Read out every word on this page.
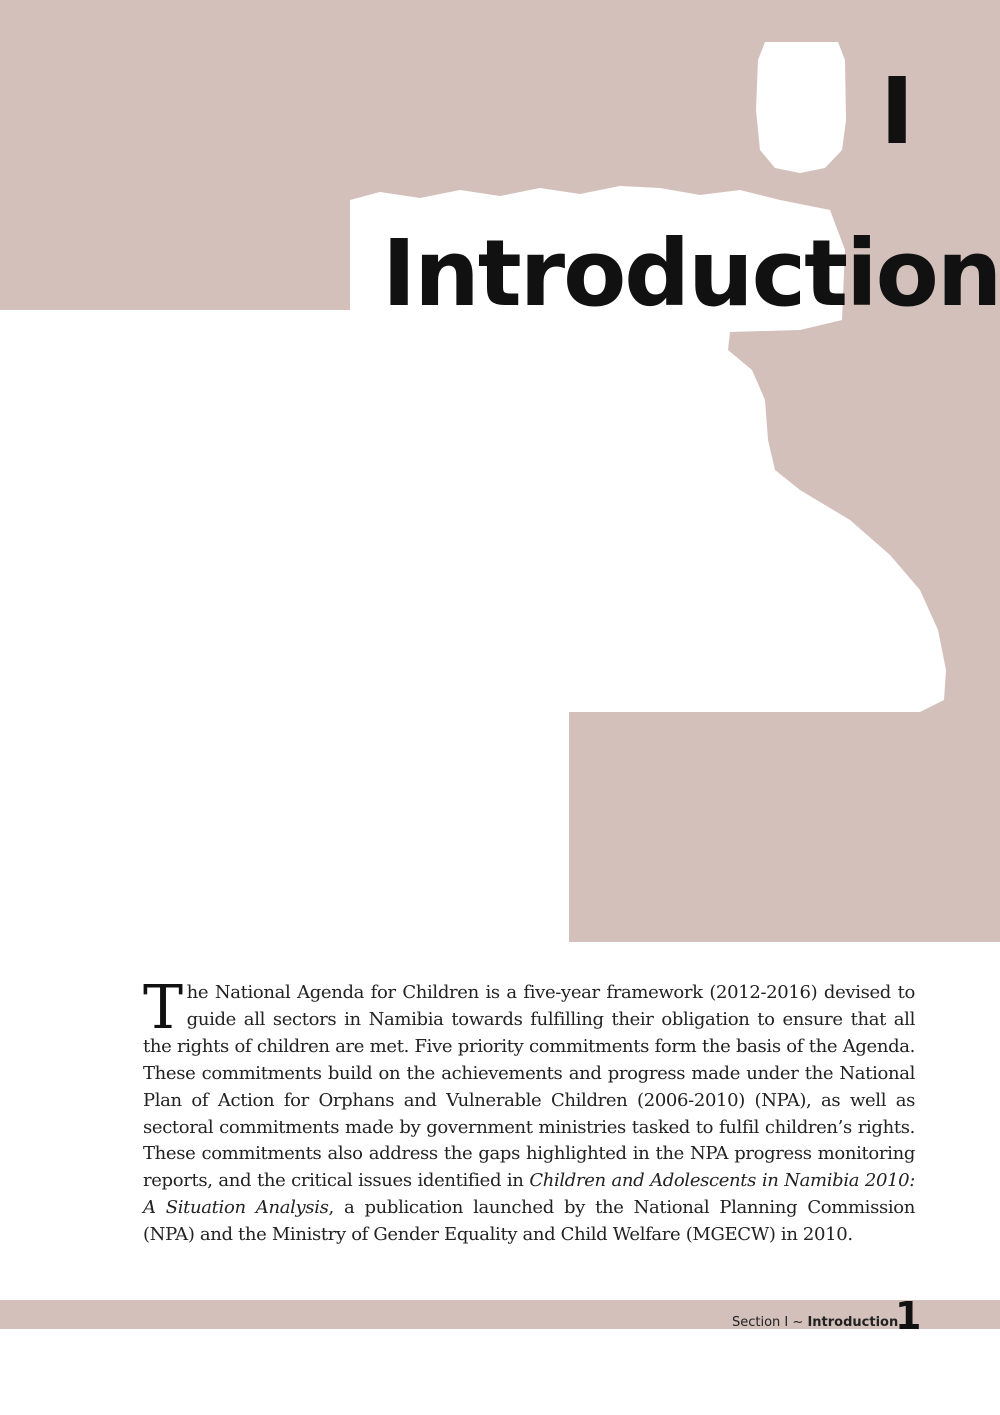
I
Introduction

The National Agenda for Children is a five-year framework (2012-2016) devised to guide all sectors in Namibia towards fulfilling their obligation to ensure that all the rights of children are met. Five priority commitments form the basis of the Agenda. These commitments build on the achievements and progress made under the National Plan of Action for Orphans and Vulnerable Children (2006-2010) (NPA), as well as sectoral commitments made by government ministries tasked to fulfil children’s rights. These commitments also address the gaps highlighted in the NPA progress monitoring reports, and the critical issues identified in Children and Adolescents in Namibia 2010: A Situation Analysis, a publication launched by the National Planning Commission (NPA) and the Ministry of Gender Equality and Child Welfare (MGECW) in 2010.

Section I ~ Introduction

1
